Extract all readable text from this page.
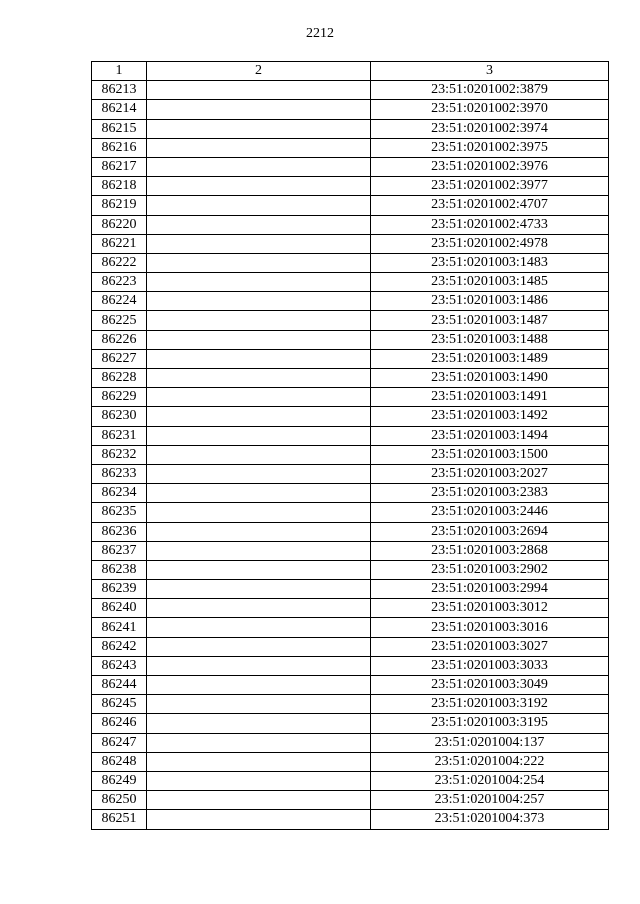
2212
1	2	3
86213		23:51:0201002:3879
86214		23:51:0201002:3970
86215		23:51:0201002:3974
86216		23:51:0201002:3975
86217		23:51:0201002:3976
86218		23:51:0201002:3977
86219		23:51:0201002:4707
86220		23:51:0201002:4733
86221		23:51:0201002:4978
86222		23:51:0201003:1483
86223		23:51:0201003:1485
86224		23:51:0201003:1486
86225		23:51:0201003:1487
86226		23:51:0201003:1488
86227		23:51:0201003:1489
86228		23:51:0201003:1490
86229		23:51:0201003:1491
86230		23:51:0201003:1492
86231		23:51:0201003:1494
86232		23:51:0201003:1500
86233		23:51:0201003:2027
86234		23:51:0201003:2383
86235		23:51:0201003:2446
86236		23:51:0201003:2694
86237		23:51:0201003:2868
86238		23:51:0201003:2902
86239		23:51:0201003:2994
86240		23:51:0201003:3012
86241		23:51:0201003:3016
86242		23:51:0201003:3027
86243		23:51:0201003:3033
86244		23:51:0201003:3049
86245		23:51:0201003:3192
86246		23:51:0201003:3195
86247		23:51:0201004:137
86248		23:51:0201004:222
86249		23:51:0201004:254
86250		23:51:0201004:257
86251		23:51:0201004:373
